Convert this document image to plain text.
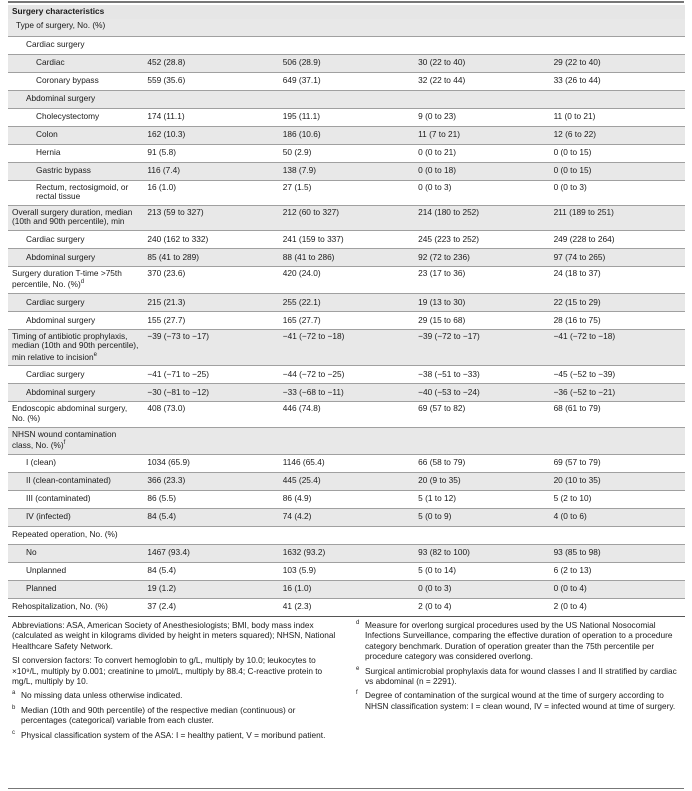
Surgery characteristics				
Type of surgery, No. (%)				
Cardiac surgery				
Cardiac	452 (28.8)	506 (28.9)	30 (22 to 40)	29 (22 to 40)
Coronary bypass	559 (35.6)	649 (37.1)	32 (22 to 44)	33 (26 to 44)
Abdominal surgery				
Cholecystectomy	174 (11.1)	195 (11.1)	9 (0 to 23)	11 (0 to 21)
Colon	162 (10.3)	186 (10.6)	11 (7 to 21)	12 (6 to 22)
Hernia	91 (5.8)	50 (2.9)	0 (0 to 21)	0 (0 to 15)
Gastric bypass	116 (7.4)	138 (7.9)	0 (0 to 18)	0 (0 to 15)
Rectum, rectosigmoid, or rectal tissue	16 (1.0)	27 (1.5)	0 (0 to 3)	0 (0 to 3)
Overall surgery duration, median (10th and 90th percentile), min	213 (59 to 327)	212 (60 to 327)	214 (180 to 252)	211 (189 to 251)
Cardiac surgery	240 (162 to 332)	241 (159 to 337)	245 (223 to 252)	249 (228 to 264)
Abdominal surgery	85 (41 to 289)	88 (41 to 286)	92 (72 to 236)	97 (74 to 265)
Surgery duration T-time >75th percentile, No. (%)$^d$	370 (23.6)	420 (24.0)	23 (17 to 36)	24 (18 to 37)
Cardiac surgery	215 (21.3)	255 (22.1)	19 (13 to 30)	22 (15 to 29)
Abdominal surgery	155 (27.7)	165 (27.7)	29 (15 to 68)	28 (16 to 75)
Timing of antibiotic prophylaxis, median (10th and 90th percentile), min relative to incision$^e$	−39 (−73 to −17)	−41 (−72 to −18)	−39 (−72 to −17)	−41 (−72 to −18)
Cardiac surgery	−41 (−71 to −25)	−44 (−72 to −25)	−38 (−51 to −33)	−45 (−52 to −39)
Abdominal surgery	−30 (−81 to −12)	−33 (−68 to −11)	−40 (−53 to −24)	−36 (−52 to −21)
Endoscopic abdominal surgery, No. (%)	408 (73.0)	446 (74.8)	69 (57 to 82)	68 (61 to 79)
NHSN wound contamination class, No. (%)$^f$				
I (clean)	1034 (65.9)	1146 (65.4)	66 (58 to 79)	69 (57 to 79)
II (clean-contaminated)	366 (23.3)	445 (25.4)	20 (9 to 35)	20 (10 to 35)
III (contaminated)	86 (5.5)	86 (4.9)	5 (1 to 12)	5 (2 to 10)
IV (infected)	84 (5.4)	74 (4.2)	5 (0 to 9)	4 (0 to 6)
Repeated operation, No. (%)				
No	1467 (93.4)	1632 (93.2)	93 (82 to 100)	93 (85 to 98)
Unplanned	84 (5.4)	103 (5.9)	5 (0 to 14)	6 (2 to 13)
Planned	19 (1.2)	16 (1.0)	0 (0 to 3)	0 (0 to 4)
Rehospitalization, No. (%)	37 (2.4)	41 (2.3)	2 (0 to 4)	2 (0 to 4)

Abbreviations: ASA, American Society of Anesthesiologists; BMI, body mass index (calculated as weight in kilograms divided by height in meters squared); NHSN, National Healthcare Safety Network.

SI conversion factors: To convert hemoglobin to g/L, multiply by 10.0; leukocytes to ×10⁹/L, multiply by 0.001; creatinine to μmol/L, multiply by 88.4; C-reactive protein to mg/L, multiply by 10.

a No missing data unless otherwise indicated.
b Median (10th and 90th percentile) of the respective median (continuous) or percentages (categorical) variable from each cluster.
c Physical classification system of the ASA: I = healthy patient, V = moribund patient.
d Measure for overlong surgical procedures used by the US National Nosocomial Infections Surveillance, comparing the effective duration of operation to a procedure category benchmark. Duration of operation greater than the 75th percentile per procedure category was considered overlong.
e Surgical antimicrobial prophylaxis data for wound classes I and II stratified by cardiac vs abdominal (n = 2291).
f Degree of contamination of the surgical wound at the time of surgery according to NHSN classification system: I = clean wound, IV = infected wound at time of surgery.
